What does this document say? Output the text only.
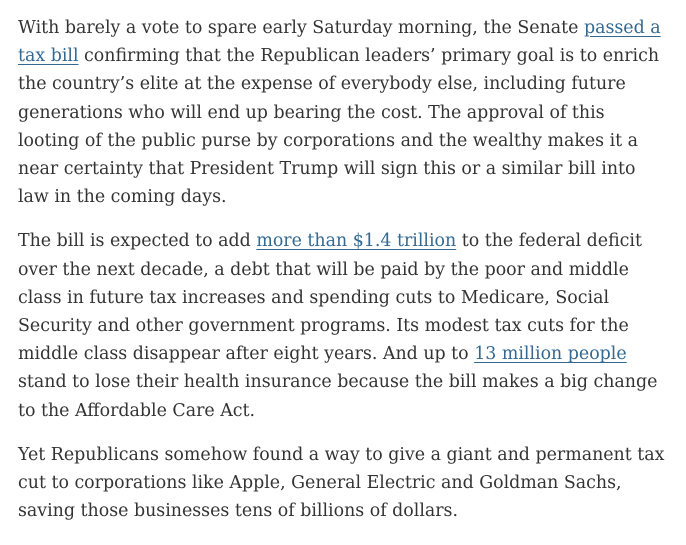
With barely a vote to spare early Saturday morning, the Senate passed a tax bill confirming that the Republican leaders’ primary goal is to enrich the country’s elite at the expense of everybody else, including future generations who will end up bearing the cost. The approval of this looting of the public purse by corporations and the wealthy makes it a near certainty that President Trump will sign this or a similar bill into law in the coming days.

The bill is expected to add more than $1.4 trillion to the federal deficit over the next decade, a debt that will be paid by the poor and middle class in future tax increases and spending cuts to Medicare, Social Security and other government programs. Its modest tax cuts for the middle class disappear after eight years. And up to 13 million people stand to lose their health insurance because the bill makes a big change to the Affordable Care Act.

Yet Republicans somehow found a way to give a giant and permanent tax cut to corporations like Apple, General Electric and Goldman Sachs, saving those businesses tens of billions of dollars.
